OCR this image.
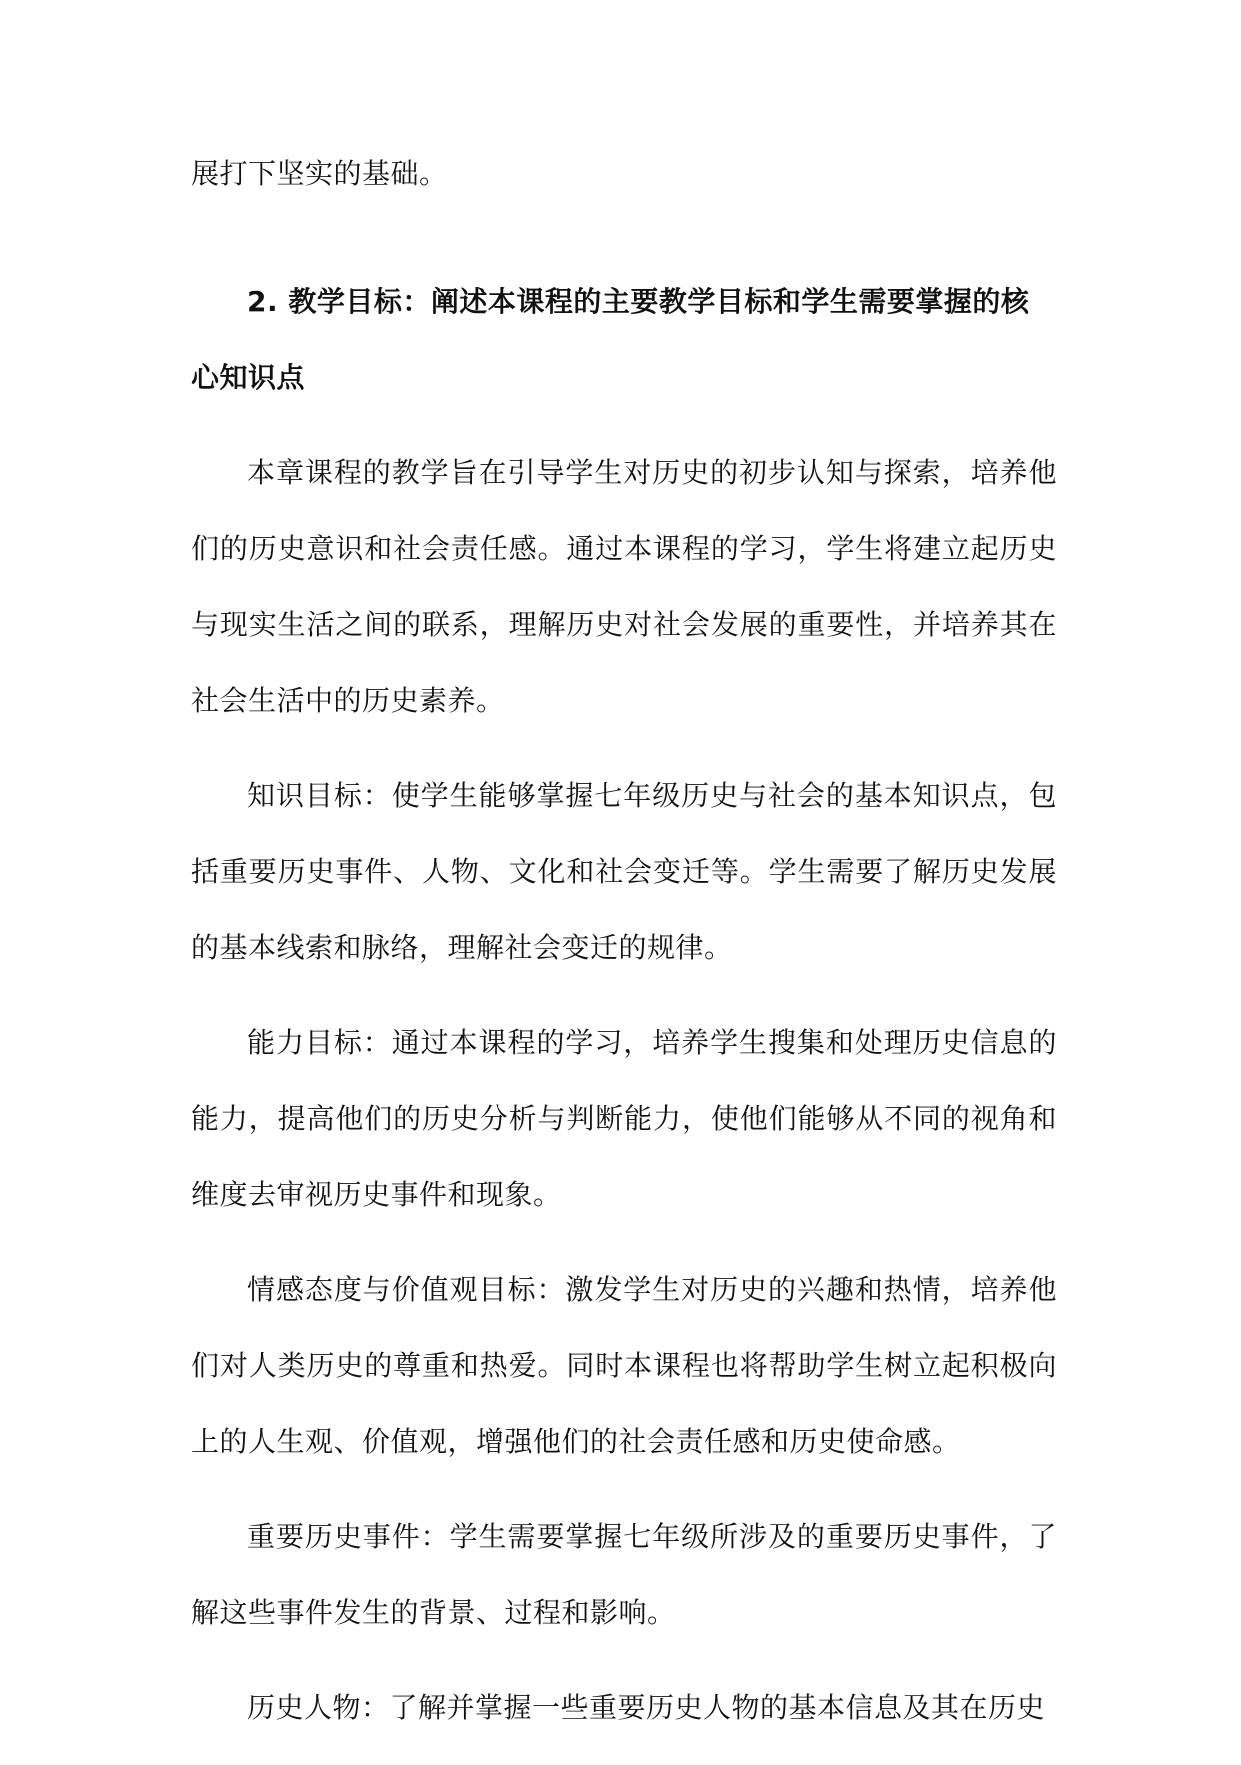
展打下坚实的基础。

2. 教学目标：阐述本课程的主要教学目标和学生需要掌握的核心知识点

本章课程的教学旨在引导学生对历史的初步认知与探索，培养他们的历史意识和社会责任感。通过本课程的学习，学生将建立起历史与现实生活之间的联系，理解历史对社会发展的重要性，并培养其在社会生活中的历史素养。

知识目标：使学生能够掌握七年级历史与社会的基本知识点，包括重要历史事件、人物、文化和社会变迁等。学生需要了解历史发展的基本线索和脉络，理解社会变迁的规律。

能力目标：通过本课程的学习，培养学生搜集和处理历史信息的能力，提高他们的历史分析与判断能力，使他们能够从不同的视角和维度去审视历史事件和现象。

情感态度与价值观目标：激发学生对历史的兴趣和热情，培养他们对人类历史的尊重和热爱。同时本课程也将帮助学生树立起积极向上的人生观、价值观，增强他们的社会责任感和历史使命感。

重要历史事件：学生需要掌握七年级所涉及的重要历史事件，了解这些事件发生的背景、过程和影响。

历史人物：了解并掌握一些重要历史人物的基本信息及其在历史
